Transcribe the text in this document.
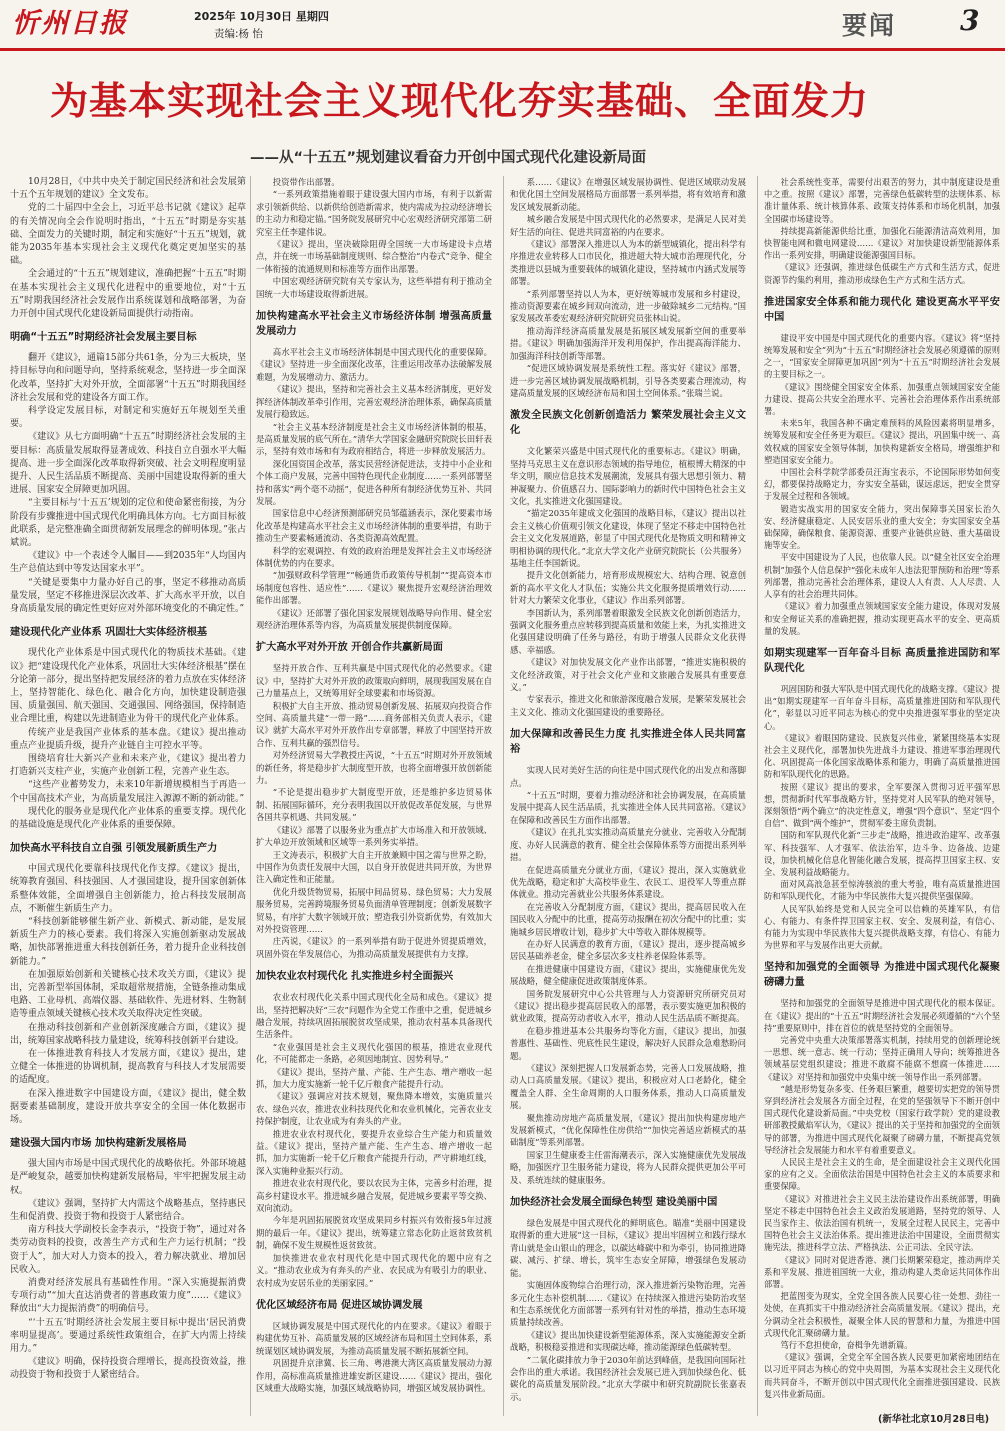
忻州日报	2025年 10月30日 星期四
责编:杨 怡	要闻 3
为基本实现社会主义现代化夯实基础、全面发力
——从“十五五”规划建议看奋力开创中国式现代化建设新局面

10月28日，《中共中央关于制定国民经济和社会发展第十五个五年规划的建议》全文发布。

党的二十届四中全会上，习近平总书记就《建议》起草的有关情况向全会作说明时指出，“十五五”时期是夯实基础、全面发力的关键时期，制定和实施好“十五五”规划，就能为2035年基本实现社会主义现代化奠定更加坚实的基础。

全会通过的“十五五”规划建议，准确把握“十五五”时期在基本实现社会主义现代化进程中的重要地位，对“十五五”时期我国经济社会发展作出系统谋划和战略部署，为奋力开创中国式现代化建设新局面提供行动指南。

明确“十五五”时期经济社会发展主要目标

翻开《建议》，通篇15部分共61条，分为三大板块，坚持目标导向和问题导向，坚持系统观念，坚持进一步全面深化改革，坚持扩大对外开放，全面部署“十五五”时期我国经济社会发展和党的建设各方面工作。

科学设定发展目标，对制定和实施好五年规划至关重要。

《建议》从七方面明确“十五五”时期经济社会发展的主要目标：高质量发展取得显著成效、科技自立自强水平大幅提高、进一步全面深化改革取得新突破、社会文明程度明显提升、人民生活品质不断提高、美丽中国建设取得新的重大进展、国家安全屏障更加巩固。

“主要目标与‘十五五’规划的定位和使命紧密衔接，为分阶段有步骤推进中国式现代化明确具体方向。七方面目标彼此联系，是完整准确全面贯彻新发展理念的鲜明体现。”张占斌说。

《建议》中一个表述令人瞩目——到2035年“人均国内生产总值达到中等发达国家水平”。

“关键是要集中力量办好自己的事，坚定不移推动高质量发展，坚定不移推进深层次改革、扩大高水平开放，以自身高质量发展的确定性更好应对外部环境变化的不确定性。”

建设现代化产业体系 巩固壮大实体经济根基

现代化产业体系是中国式现代化的物质技术基础。《建议》把“建设现代化产业体系，巩固壮大实体经济根基”摆在分论第一部分，提出坚持把发展经济的着力点放在实体经济上，坚持智能化、绿色化、融合化方向，加快建设制造强国、质量强国、航天强国、交通强国、网络强国，保持制造业合理比重，构建以先进制造业为骨干的现代化产业体系。

传统产业是我国产业体系的基本盘。《建议》提出推动重点产业提质升级，提升产业链自主可控水平等。

围绕培育壮大新兴产业和未来产业，《建议》提出着力打造新兴支柱产业，实施产业创新工程，完善产业生态。

“这些产业蓄势发力，未来10年新增规模相当于再造一个中国高技术产业，为高质量发展注入源源不断的新动能。”

现代化的服务业是现代化产业体系的重要支撑。现代化的基础设施是现代化产业体系的重要保障。

加快高水平科技自立自强 引领发展新质生产力

中国式现代化要靠科技现代化作支撑。《建议》提出，统筹教育强国、科技强国、人才强国建设，提升国家创新体系整体效能，全面增强自主创新能力，抢占科技发展制高点，不断催生新质生产力。

“科技创新能够催生新产业、新模式、新动能，是发展新质生产力的核心要素。我们将深入实施创新驱动发展战略，加快部署推进重大科技创新任务，着力提升企业科技创新能力。”

在加强原始创新和关键核心技术攻关方面，《建议》提出，完善新型举国体制，采取超常规措施，全链条推动集成电路、工业母机、高端仪器、基础软件、先进材料、生物制造等重点领域关键核心技术攻关取得决定性突破。

在推动科技创新和产业创新深度融合方面，《建议》提出，统筹国家战略科技力量建设，统筹科技创新平台建设。

在一体推进教育科技人才发展方面，《建议》提出，建立健全一体推进的协调机制，提高教育与科技人才发展需要的适配度。

在深入推进数字中国建设方面，《建议》提出，健全数据要素基础制度，建设开放共享安全的全国一体化数据市场。

建设强大国内市场 加快构建新发展格局

强大国内市场是中国式现代化的战略依托。外部环境越是严峻复杂，越要加快构建新发展格局，牢牢把握发展主动权。

《建议》强调，坚持扩大内需这个战略基点，坚持惠民生和促消费、投资于物和投资于人紧密结合。

南方科技大学副校长金李表示，“投资于物”，通过对各类劳动资料的投资，改善生产方式和生产力运行机制；“投资于人”，加大对人力资本的投入，着力解决就业、增加居民收入。

消费对经济发展具有基础性作用。“深入实施提振消费专项行动”“加大直达消费者的普惠政策力度”……《建议》释放出“大力提振消费”的明确信号。

“‘十五五’时期经济社会发展主要目标中提出‘居民消费率明显提高’。要通过系统性政策组合，在扩大内需上持续用力。”

《建议》明确，保持投资合理增长，提高投资效益，推动投资于物和投资于人紧密结合。

投资带作出部署。

“一系列政策措施着眼于建设强大国内市场，有利于以新需求引领新供给、以新供给创造新需求，使内需成为拉动经济增长的主动力和稳定锚。”国务院发展研究中心宏观经济研究部第二研究室主任李建伟说。

《建议》提出，坚决破除阻碍全国统一大市场建设卡点堵点，并在统一市场基础制度规则、综合整治“内卷式”竞争、健全一体衔接的流通规则和标准等方面作出部署。

中国宏观经济研究院有关专家认为，这些举措有利于推动全国统一大市场建设取得新进展。

加快构建高水平社会主义市场经济体制 增强高质量发展动力

高水平社会主义市场经济体制是中国式现代化的重要保障。《建议》坚持进一步全面深化改革，注重运用改革办法破解发展难题，为发展增动力、激活力。

《建议》提出，坚持和完善社会主义基本经济制度，更好发挥经济体制改革牵引作用，完善宏观经济治理体系，确保高质量发展行稳致远。

“社会主义基本经济制度是社会主义市场经济体制的根基，是高质量发展的底气所在。”清华大学国家金融研究院院长田轩表示，坚持有效市场和有为政府相结合，将进一步释放发展活力。

深化国资国企改革，落实民营经济促进法，支持中小企业和个体工商户发展，完善中国特色现代企业制度……一系列部署坚持和落实“两个毫不动摇”，促进各种所有制经济优势互补、共同发展。

国家信息中心经济预测部研究员邹蕴涵表示，深化要素市场化改革是构建高水平社会主义市场经济体制的重要举措，有助于推动生产要素畅通流动、各类资源高效配置。

科学的宏观调控、有效的政府治理是发挥社会主义市场经济体制优势的内在要求。

“加强财政科学管理”“畅通货币政策传导机制”“提高资本市场制度包容性、适应性”……《建议》聚焦提升宏观经济治理效能作出部署。

《建议》还部署了强化国家发展规划战略导向作用、健全宏观经济治理体系等内容，为高质量发展提供制度保障。

扩大高水平对外开放 开创合作共赢新局面

坚持开放合作、互利共赢是中国式现代化的必然要求。《建议》中，坚持扩大对外开放的政策取向鲜明，展现我国发展在自己力量基点上，又统筹用好全球要素和市场资源。

积极扩大自主开放、推动贸易创新发展、拓展双向投资合作空间、高质量共建“一带一路”……商务部相关负责人表示，《建议》就扩大高水平对外开放作出专章部署，释放了中国坚持开放合作、互利共赢的强烈信号。

对外经济贸易大学教授庄芮说，“十五五”时期对外开放领域的新任务，将是稳步扩大制度型开放，也将全面增强开放创新能力。

“不论是提出稳步扩大制度型开放，还是维护多边贸易体制、拓展国际循环，充分表明我国以开放促改革促发展，与世界各国共享机遇、共同发展。”

《建议》部署了以服务业为重点扩大市场准入和开放领域、扩大单边开放领域和区域等一系列务实举措。

王文涛表示，积极扩大自主开放兼顾中国之需与世界之盼，中国作为负责任发展中大国，以自身开放促进共同开放，为世界注入确定性和正能量。

优化升级货物贸易，拓展中间品贸易、绿色贸易；大力发展服务贸易，完善跨境服务贸易负面清单管理制度；创新发展数字贸易，有序扩大数字领域开放；塑造我引外资新优势，有效加大对外投资管理……

庄芮说，《建议》的一系列举措有助于促进外贸提质增效，巩固外资在华发展信心，为推动高质量发展提供有力支撑。

加快农业农村现代化 扎实推进乡村全面振兴

农业农村现代化关系中国式现代化全局和成色。《建议》提出，坚持把解决好“三农”问题作为全党工作重中之重，促进城乡融合发展，持续巩固拓展脱贫攻坚成果，推动农村基本具备现代生活条件。

“农业强国是社会主义现代化强国的根基，推进农业现代化，不可能都走一条路，必须因地制宜、因势利导。”

《建议》提出，坚持产量、产能、生产生态、增产增收一起抓，加大力度实施新一轮千亿斤粮食产能提升行动。

《建议》强调应对技术规划，聚焦降本增效，实施质量兴农、绿色兴农，推进农业科技现代化和农业机械化，完善农业支持保护制度，让农业成为有奔头的产业。

推进农业农村现代化，要提升农业综合生产能力和质量效益。《建议》提出，坚持产量产能、生产生态、增产增收一起抓，加力实施新一轮千亿斤粮食产能提升行动，严守耕地红线，深入实施种业振兴行动。

推进农业农村现代化，要以农民为主体，完善乡村治理，提高乡村建设水平。推进城乡融合发展，促进城乡要素平等交换、双向流动。

今年是巩固拓展脱贫攻坚成果同乡村振兴有效衔接5年过渡期的最后一年。《建议》提出，统筹建立常态化防止返贫致贫机制，确保不发生规模性返贫致贫。

加快推进农业农村现代化是中国式现代化的题中应有之义。“推动农业成为有奔头的产业、农民成为有吸引力的职业、农村成为安居乐业的美丽家园。”

优化区域经济布局 促进区域协调发展

区域协调发展是中国式现代化的内在要求。《建议》着眼于构建优势互补、高质量发展的区域经济布局和国土空间体系，系统谋划区域协调发展，为推动高质量发展不断拓展新空间。

巩固提升京津冀、长三角、粤港澳大湾区高质量发展动力源作用，高标准高质量推进雄安新区建设……《建议》提出，强化区域重大战略实施，加强区域战略协同，增强区域发展协调性。

系……《建议》在增强区域发展协调性、促进区域联动发展和优化国土空间发展格局方面部署一系列举措，将有效培育和激发区域发展新动能。

城乡融合发展是中国式现代化的必然要求，是满足人民对美好生活的向往、促进共同富裕的内在要求。

《建议》部署深入推进以人为本的新型城镇化，提出科学有序推进农业转移人口市民化，推进超大特大城市治理现代化，分类推进以县城为重要载体的城镇化建设，坚持城市内涵式发展等部署。

“系列部署坚持以人为本，更好统筹城市发展和乡村建设，推动资源要素在城乡间双向流动，进一步破除城乡二元结构。”国家发展改革委宏观经济研究院研究员张林山说。

推动海洋经济高质量发展是拓展区域发展新空间的重要举措。《建议》明确加强海洋开发利用保护，作出提高海洋能力、加强海洋科技创新等部署。

“促进区域协调发展是系统性工程。落实好《建议》部署，进一步完善区域协调发展战略机制，引导各类要素合理流动，构建高质量发展的区域经济布局和国土空间体系。”张瑞兰说。

激发全民族文化创新创造活力 繁荣发展社会主义文化

文化繁荣兴盛是中国式现代化的重要标志。《建议》明确，坚持马克思主义在意识形态领域的指导地位，植根博大精深的中华文明，顺应信息技术发展潮流，发展具有强大思想引领力、精神凝聚力、价值感召力、国际影响力的新时代中国特色社会主义文化，扎实推进文化强国建设。

“描定2035年建成文化强国的战略目标，《建议》提出以社会主义核心价值观引领文化建设，体现了坚定不移走中国特色社会主义文化发展道路，彰显了中国式现代化是物质文明和精神文明相协调的现代化。”北京大学文化产业研究院院长（公共服务）基地主任李国新说。

提升文化创新能力，培育形成规模宏大、结构合理、锐意创新的高水平文化人才队伍；实施公共文化服务提质增效行动……针对大力繁荣文化事业，《建议》作出系列部署。

李国新认为，系列部署着眼激发全民族文化创新创造活力，强调文化服务重点应转移到提高质量和效能上来，为扎实推进文化强国建设明确了任务与路径，有助于增强人民群众文化获得感、幸福感。

《建议》对加快发展文化产业作出部署，“推进实施积极的文化经济政策，对于社会文化产业和文旅融合发展具有重要意义。”

专家表示，推进文化和旅游深度融合发展，是繁荣发展社会主义文化、推动文化强国建设的重要路径。

加大保障和改善民生力度 扎实推进全体人民共同富裕

实现人民对美好生活的向往是中国式现代化的出发点和落脚点。

“十五五”时期，要着力推动经济和社会协调发展，在高质量发展中提高人民生活品质，扎实推进全体人民共同富裕。《建议》在保障和改善民生方面作出部署。

《建议》在扎扎实实推动高质量充分就业、完善收入分配制度、办好人民满意的教育、健全社会保障体系等方面提出系列举措。

在促进高质量充分就业方面，《建议》提出，深入实施就业优先战略，稳定和扩大高校毕业生、农民工、退役军人等重点群体就业。推动完善就业公共服务体系建设。

在完善收入分配制度方面，《建议》提出，提高居民收入在国民收入分配中的比重，提高劳动报酬在初次分配中的比重；实施城乡居民增收计划，稳步扩大中等收入群体规模等。

在办好人民满意的教育方面，《建议》提出，逐步提高城乡居民基础养老金，健全多层次多支柱养老保险体系等。

在推进健康中国建设方面，《建议》提出，实施健康优先发展战略，健全健康促进政策制度体系。

国务院发展研究中心公共管理与人力资源研究所研究员对《建议》提出稳步提高居民收入的部署，表示要实施更加积极的就业政策，提高劳动者收入水平，推动人民生活品质不断提高。

在稳步推进基本公共服务均等化方面，《建议》提出，加强普惠性、基础性、兜底性民生建设，解决好人民群众急难愁盼问题。

《建议》深刻把握人口发展新态势，完善人口发展战略，推动人口高质量发展。《建议》提出，积极应对人口老龄化，健全覆盖全人群、全生命周期的人口服务体系，推动人口高质量发展。

聚焦推动房地产高质量发展，《建议》提出加快构建房地产发展新模式，“优化保障性住房供给”“加快完善适应新模式的基础制度”等系列部署。

国家卫生健康委主任雷海潮表示，深入实施健康优先发展战略，加强医疗卫生服务能力建设，将为人民群众提供更加公平可及、系统连续的健康服务。

加快经济社会发展全面绿色转型 建设美丽中国

绿色发展是中国式现代化的鲜明底色。瞄准“美丽中国建设取得新的重大进展”这一目标，《建议》提出牢固树立和践行绿水青山就是金山银山的理念，以碳达峰碳中和为牵引，协同推进降碳、减污、扩绿、增长，筑牢生态安全屏障，增强绿色发展动能。

实施固体废物综合治理行动，深入推进新污染物治理，完善多元化生态补偿机制……《建议》在持续深入推进污染防治攻坚和生态系统优化方面部署一系列有针对性的举措，推动生态环境质量持续改善。

《建议》提出加快建设新型能源体系，深入实施能源安全新战略，积极稳妥推进和实现碳达峰，推动能源绿色低碳转型。

“二氧化碳排放力争于2030年前达到峰值，是我国向国际社会作出的重大承诺。我国经济社会发展已进入到加快绿色化、低碳化的高质量发展阶段。”北京大学碳中和研究院副院长张嘉表示。

社会系统性变革，需要付出艰苦的努力，其中制度建设是重中之重。按照《建议》部署，完善绿色低碳转型的法规体系、标准计量体系、统计核算体系、政策支持体系和市场化机制，加强全国碳市场建设等。

持续提高新能源供给比重，加强化石能源清洁高效利用，加快智能电网和微电网建设……《建议》对加快建设新型能源体系作出一系列安排，明确建设能源强国目标。

《建议》还强调，推进绿色低碳生产方式和生活方式，促进资源节约集约利用，推动形成绿色生产方式和生活方式。

推进国家安全体系和能力现代化 建设更高水平平安中国

建设平安中国是中国式现代化的重要内容。《建议》将“坚持统筹发展和安全”列为“十五五”时期经济社会发展必须遵循的原则之一，“国家安全屏障更加巩固”列为“十五五”时期经济社会发展的主要目标之一。

《建议》围绕健全国家安全体系、加强重点领域国家安全能力建设、提高公共安全治理水平、完善社会治理体系作出系统部署。

未来5年，我国各种不确定难预料的风险因素将明显增多，统筹发展和安全任务更为艰巨。《建议》提出，巩固集中统一、高效权威的国家安全领导体制，加快构建新安全格局，增强维护和塑造国家安全能力。

中国社会科学院学部委员汪海宝表示，不论国际形势如何变幻，都要保持战略定力，夯实安全基础，谋远虑远，把安全贯穿于发展全过程和各领域。

锻造实战实用的国家安全能力，突出保障事关国家长治久安、经济健康稳定、人民安居乐业的重大安全；夯实国家安全基础保障，确保粮食、能源资源、重要产业链供应链、重大基础设施等安全。

平安中国建设为了人民，也依靠人民。以“健全社区安全治理机制”加强个人信息保护“强化未成年人违法犯罪预防和治理”等系列部署，推动完善社会治理体系，建设人人有责、人人尽责、人人享有的社会治理共同体。

《建议》着力加强重点领域国家安全能力建设，体现对发展和安全辩证关系的准确把握，推动实现更高水平的安全、更高质量的发展。

如期实现建军一百年奋斗目标 高质量推进国防和军队现代化

巩固国防和强大军队是中国式现代化的战略支撑。《建议》提出“如期实现建军一百年奋斗目标，高质量推进国防和军队现代化”，彰显以习近平同志为核心的党中央推进强军事业的坚定决心。

《建议》着眼国防建设、民族复兴伟业，紧紧围绕基本实现社会主义现代化，部署加快先进战斗力建设、推进军事治理现代化、巩固提高一体化国家战略体系和能力，明确了高质量推进国防和军队现代化的思路。

按照《建议》提出的要求，全军要深入贯彻习近平强军思想，贯彻新时代军事战略方针，坚持党对人民军队的绝对领导，深刻领悟“两个确立”的决定性意义，增强“四个意识”、坚定“四个自信”、做到“两个维护”，贯彻军委主席负责制。

国防和军队现代化新“三步走”战略，推进政治建军、改革强军、科技强军、人才强军、依法治军，边斗争、边备战、边建设，加快机械化信息化智能化融合发展，提高捍卫国家主权、安全、发展利益战略能力。

面对风高浪急甚至惊涛骇浪的重大考验，唯有高质量推进国防和军队现代化，才能为中华民族伟大复兴提供坚强保障。

人民军队始终是党和人民完全可以信赖的英雄军队，有信心、有能力、有条件捍卫国家主权、安全、发展利益，有信心、有能力为实现中华民族伟大复兴提供战略支撑，有信心、有能力为世界和平与发展作出更大贡献。

坚持和加强党的全面领导 为推进中国式现代化凝聚磅礴力量

坚持和加强党的全面领导是推进中国式现代化的根本保证。在《建议》提出的“十五五”时期经济社会发展必须遵循的“六个坚持”重要原则中，排在首位的就是坚持党的全面领导。

完善党中央重大决策部署落实机制，持续用党的创新理论统一思想、统一意志、统一行动；坚持正确用人导向；统筹推进各领域基层党组织建设；推进不敢腐不能腐不想腐一体推进……《建议》对坚持和加强党中央集中统一领导作出一系列部署。

“越是形势复杂多变、任务艰巨繁重，越要切实把党的领导贯穿到经济社会发展各方面全过程，在党的坚强领导下不断开创中国式现代化建设新局面。”中央党校（国家行政学院）党的建设教研部教授戴焰军认为，《建议》提出的关于坚持和加强党的全面领导的部署，为推进中国式现代化凝聚了磅礴力量，不断提高党领导经济社会发展能力和水平有着重要意义。

人民民主是社会主义的生命，是全面建设社会主义现代化国家的应有之义。全面依法治国是中国特色社会主义的本质要求和重要保障。

《建议》对推进社会主义民主法治建设作出系统部署，明确坚定不移走中国特色社会主义政治发展道路，坚持党的领导、人民当家作主、依法治国有机统一，发展全过程人民民主，完善中国特色社会主义法治体系。提出推进法治中国建设，全面贯彻实施宪法，推进科学立法、严格执法、公正司法、全民守法。

《建议》同时对促进香港、澳门长期繁荣稳定，推动两岸关系和平发展、推进祖国统一大业，推动构建人类命运共同体作出部署。

把蓝图变为现实，全党全国各族人民要心往一处想、劲往一处使，在真抓实干中推动经济社会高质量发展。《建议》提出，充分调动全社会积极性，凝聚全体人民的智慧和力量，为推进中国式现代化汇聚磅礴力量。

笃行不怠担使命，奋楫争先谱新篇。

《建议》强调，全党全军全国各族人民要更加紧密地团结在以习近平同志为核心的党中央周围，为基本实现社会主义现代化而共同奋斗，不断开创以中国式现代化全面推进强国建设、民族复兴伟业新局面。

(新华社北京10月28日电)
